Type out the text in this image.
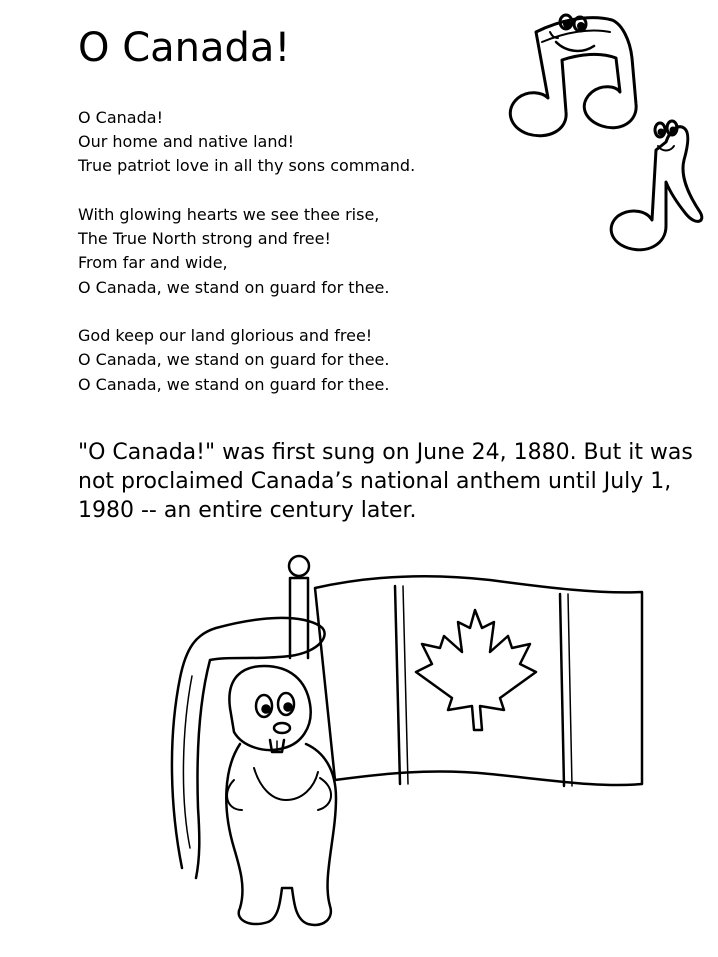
O Canada!
O Canada!
Our home and native land!
True patriot love in all thy sons command.
With glowing hearts we see thee rise,
The True North strong and free!
From far and wide,
O Canada, we stand on guard for thee.
God keep our land glorious and free!
O Canada, we stand on guard for thee.
O Canada, we stand on guard for thee.

"O Canada!" was first sung on June 24, 1880. But it was not proclaimed Canada’s national anthem until July 1, 1980 -- an entire century later.
